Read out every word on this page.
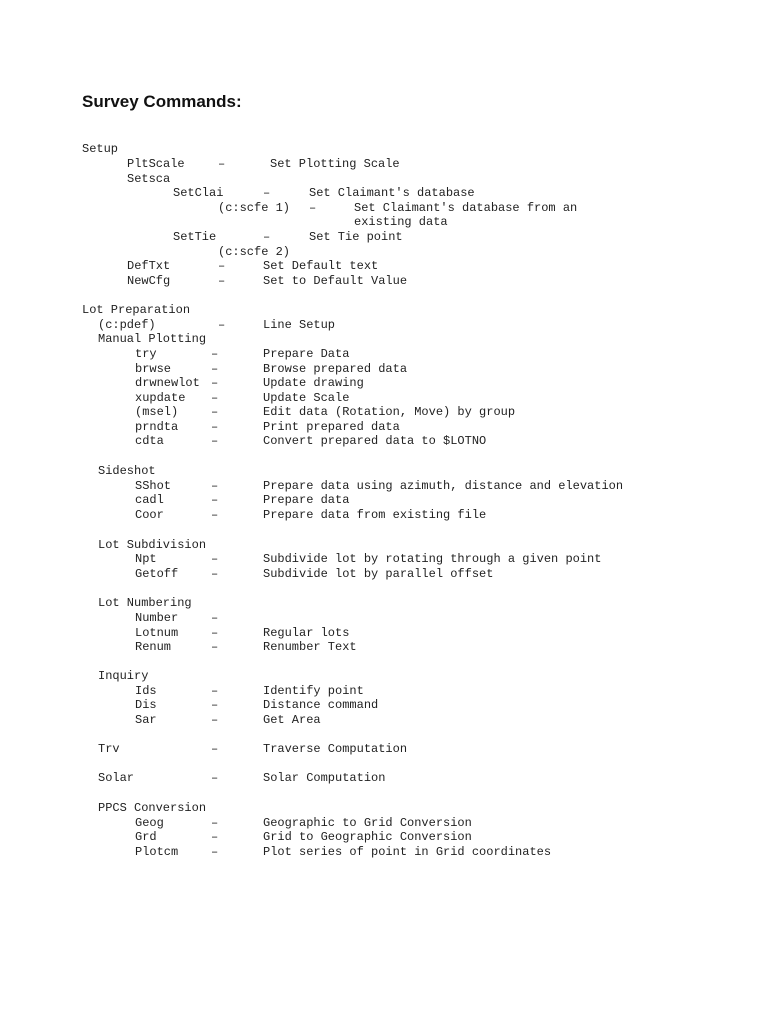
Survey Commands:
Setup
PltScale	–	Set Plotting Scale
Setsca
SetClai	–	Set Claimant's database
(c:scfe 1) –	Set Claimant's database from an
existing data
SetTie	–	Set Tie point
(c:scfe 2)
DefTxt	–	Set Default text
NewCfg	–	Set to Default Value
Lot Preparation
(c:pdef)	–	Line Setup
Manual Plotting
try	–	Prepare Data
brwse	–	Browse prepared data
drwnewlot –	Update drawing
xupdate –	Update Scale
(msel)	–	Edit data (Rotation, Move) by group
prndta	–	Print prepared data
cdta	–	Convert prepared data to $LOTNO
Sideshot
SShot	–	Prepare data using azimuth, distance and elevation
cadl	–	Prepare data
Coor	–	Prepare data from existing file
Lot Subdivision
Npt	–	Subdivide lot by rotating through a given point
Getoff	–	Subdivide lot by parallel offset
Lot Numbering
Number	–
Lotnum	–	Regular lots
Renum	–	Renumber Text
Inquiry
Ids	–	Identify point
Dis	–	Distance command
Sar	–	Get Area
Trv	–	Traverse Computation
Solar	–	Solar Computation
PPCS Conversion
Geog	–	Geographic to Grid Conversion
Grd	–	Grid to Geographic Conversion
Plotcm	–	Plot series of point in Grid coordinates
